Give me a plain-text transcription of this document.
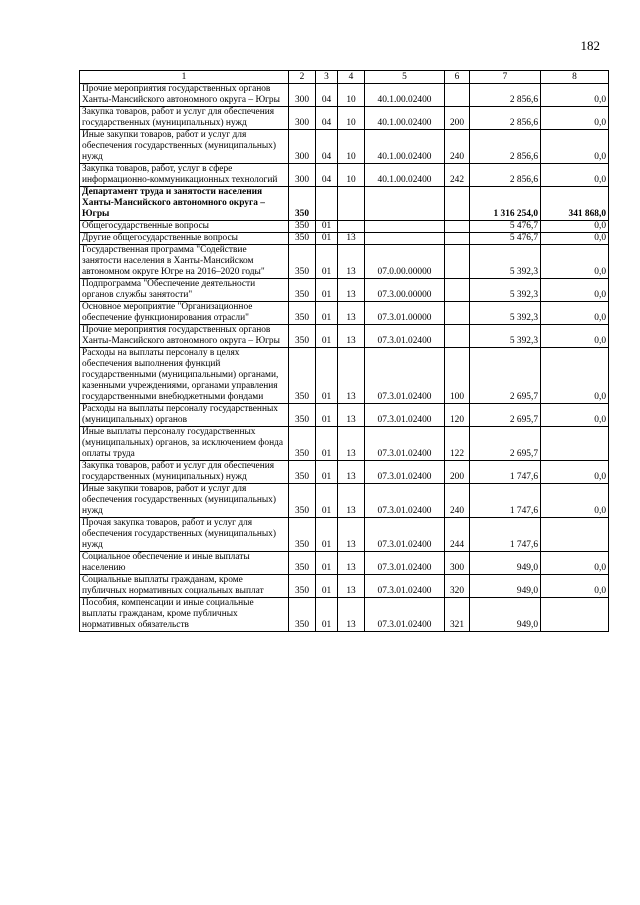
182
1	2	3	4	5	6	7	8
Прочие мероприятия государственных органов Ханты-Мансийского автономного округа – Югры	300	04	10	40.1.00.02400		2 856,6	0,0
Закупка товаров, работ и услуг для обеспечения государственных (муниципальных) нужд	300	04	10	40.1.00.02400	200	2 856,6	0,0
Иные закупки товаров, работ и услуг для обеспечения государственных (муниципальных) нужд	300	04	10	40.1.00.02400	240	2 856,6	0,0
Закупка товаров, работ, услуг в сфере информационно-коммуникационных технологий	300	04	10	40.1.00.02400	242	2 856,6	0,0
Департамент труда и занятости населения Ханты-Мансийского автономного округа – Югры	350					1 316 254,0	341 868,0
Общегосударственные вопросы	350	01				5 476,7	0,0
Другие общегосударственные вопросы	350	01	13			5 476,7	0,0
Государственная программа "Содействие занятости населения в Ханты-Мансийском автономном округе Югре на 2016–2020 годы"	350	01	13	07.0.00.00000		5 392,3	0,0
Подпрограмма "Обеспечение деятельности органов службы занятости"	350	01	13	07.3.00.00000		5 392,3	0,0
Основное мероприятие "Организационное обеспечение функционирования отрасли"	350	01	13	07.3.01.00000		5 392,3	0,0
Прочие мероприятия государственных органов Ханты-Мансийского автономного округа – Югры	350	01	13	07.3.01.02400		5 392,3	0,0
Расходы на выплаты персоналу в целях обеспечения выполнения функций государственными (муниципальными) органами, казенными учреждениями, органами управления государственными внебюджетными фондами	350	01	13	07.3.01.02400	100	2 695,7	0,0
Расходы на выплаты персоналу государственных (муниципальных) органов	350	01	13	07.3.01.02400	120	2 695,7	0,0
Иные выплаты персоналу государственных (муниципальных) органов, за исключением фонда оплаты труда	350	01	13	07.3.01.02400	122	2 695,7	
Закупка товаров, работ и услуг для обеспечения государственных (муниципальных) нужд	350	01	13	07.3.01.02400	200	1 747,6	0,0
Иные закупки товаров, работ и услуг для обеспечения государственных (муниципальных) нужд	350	01	13	07.3.01.02400	240	1 747,6	0,0
Прочая закупка товаров, работ и услуг для обеспечения государственных (муниципальных) нужд	350	01	13	07.3.01.02400	244	1 747,6	
Социальное обеспечение и иные выплаты населению	350	01	13	07.3.01.02400	300	949,0	0,0
Социальные выплаты гражданам, кроме публичных нормативных социальных выплат	350	01	13	07.3.01.02400	320	949,0	0,0
Пособия, компенсации и иные социальные выплаты гражданам, кроме публичных нормативных обязательств	350	01	13	07.3.01.02400	321	949,0	
